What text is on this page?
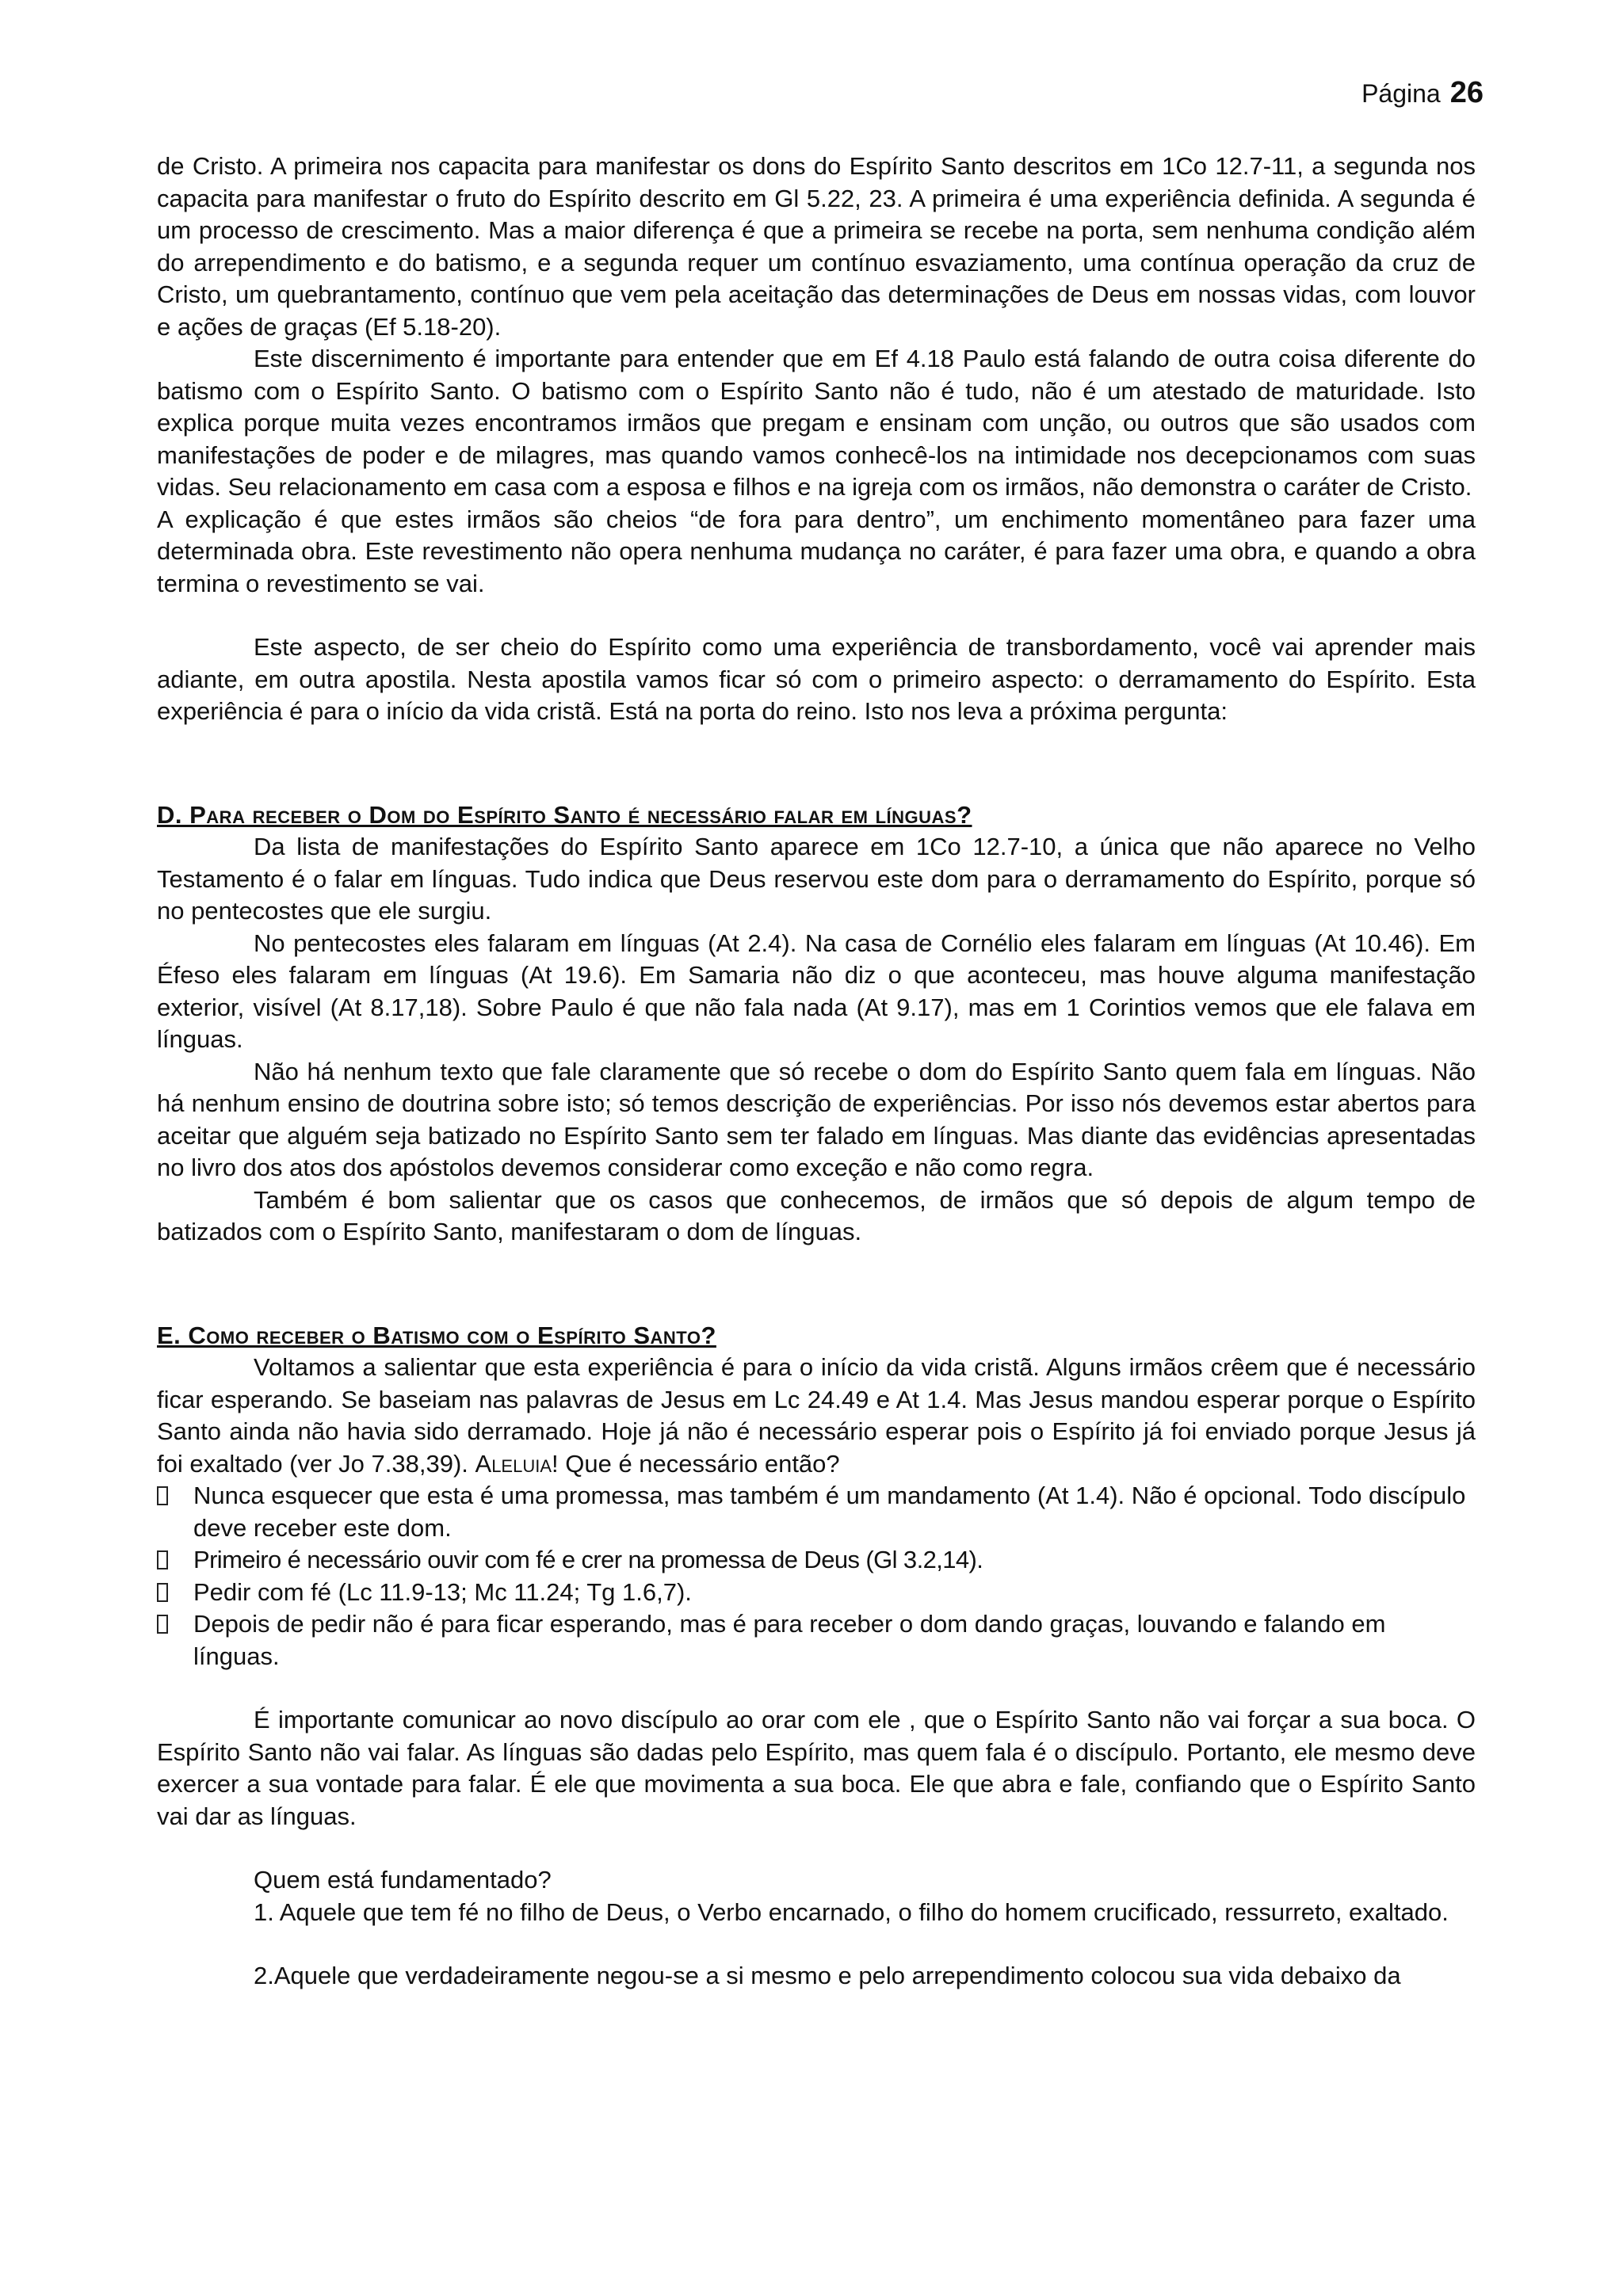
Página 26

de Cristo. A primeira nos capacita para manifestar os dons do Espírito Santo descritos em 1Co 12.7-11, a segunda nos capacita para manifestar o fruto do Espírito descrito em Gl 5.22, 23. A primeira é uma experiência definida. A segunda é um processo de crescimento. Mas a maior diferença é que a primeira se recebe na porta, sem nenhuma condição além do arrependimento e do batismo, e a segunda requer um contínuo esvaziamento, uma contínua operação da cruz de Cristo, um quebrantamento, contínuo que vem pela aceitação das determinações de Deus em nossas vidas, com louvor e ações de graças (Ef 5.18-20).

Este discernimento é importante para entender que em Ef 4.18 Paulo está falando de outra coisa diferente do batismo com o Espírito Santo. O batismo com o Espírito Santo não é tudo, não é um atestado de maturidade. Isto explica porque muita vezes encontramos irmãos que pregam e ensinam com unção, ou outros que são usados com manifestações de poder e de milagres, mas quando vamos conhecê-los na intimidade nos decepcionamos com suas vidas. Seu relacionamento em casa com a esposa e filhos e na igreja com os irmãos, não demonstra o caráter de Cristo.

A explicação é que estes irmãos são cheios “de fora para dentro”, um enchimento momentâneo para fazer uma determinada obra. Este revestimento não opera nenhuma mudança no caráter, é para fazer uma obra, e quando a obra termina o revestimento se vai.

Este aspecto, de ser cheio do Espírito como uma experiência de transbordamento, você vai aprender mais adiante, em outra apostila. Nesta apostila vamos ficar só com o primeiro aspecto: o derramamento do Espírito. Esta experiência é para o início da vida cristã. Está na porta do reino. Isto nos leva a próxima pergunta:

D. Para receber o Dom do Espírito Santo é necessário falar em línguas?

Da lista de manifestações do Espírito Santo aparece em 1Co 12.7-10, a única que não aparece no Velho Testamento é o falar em línguas. Tudo indica que Deus reservou este dom para o derramamento do Espírito, porque só no pentecostes que ele surgiu.

No pentecostes eles falaram em línguas (At 2.4). Na casa de Cornélio eles falaram em línguas (At 10.46). Em Éfeso eles falaram em línguas (At 19.6). Em Samaria não diz o que aconteceu, mas houve alguma manifestação exterior, visível (At 8.17,18). Sobre Paulo é que não fala nada (At 9.17), mas em 1 Corintios vemos que ele falava em línguas.

Não há nenhum texto que fale claramente que só recebe o dom do Espírito Santo quem fala em línguas. Não há nenhum ensino de doutrina sobre isto; só temos descrição de experiências. Por isso nós devemos estar abertos para aceitar que alguém seja batizado no Espírito Santo sem ter falado em línguas. Mas diante das evidências apresentadas no livro dos atos dos apóstolos devemos considerar como exceção e não como regra.

Também é bom salientar que os casos que conhecemos, de irmãos que só depois de algum tempo de batizados com o Espírito Santo, manifestaram o dom de línguas.

E. Como receber o Batismo com o Espírito Santo?

Voltamos a salientar que esta experiência é para o início da vida cristã. Alguns irmãos crêem que é necessário ficar esperando. Se baseiam nas palavras de Jesus em Lc 24.49 e At 1.4. Mas Jesus mandou esperar porque o Espírito Santo ainda não havia sido derramado. Hoje já não é necessário esperar pois o Espírito já foi enviado porque Jesus já foi exaltado (ver Jo 7.38,39). Aleluia! Que é necessário então?

Nunca esquecer que esta é uma promessa, mas também é um mandamento (At 1.4). Não é opcional. Todo discípulo deve receber este dom.
Primeiro é necessário ouvir com fé e crer na promessa de Deus (Gl 3.2,14).
Pedir com fé (Lc 11.9-13; Mc 11.24; Tg 1.6,7).
Depois de pedir não é para ficar esperando, mas é para receber o dom dando graças, louvando e falando em línguas.

É importante comunicar ao novo discípulo ao orar com ele , que o Espírito Santo não vai forçar a sua boca. O Espírito Santo não vai falar. As línguas são dadas pelo Espírito, mas quem fala é o discípulo. Portanto, ele mesmo deve exercer a sua vontade para falar. É ele que movimenta a sua boca. Ele que abra e fale, confiando que o Espírito Santo vai dar as línguas.

Quem está fundamentado?

1. Aquele que tem fé no filho de Deus, o Verbo encarnado, o filho do homem crucificado, ressurreto, exaltado.

2.Aquele que verdadeiramente negou-se a si mesmo e pelo arrependimento colocou sua vida debaixo da
